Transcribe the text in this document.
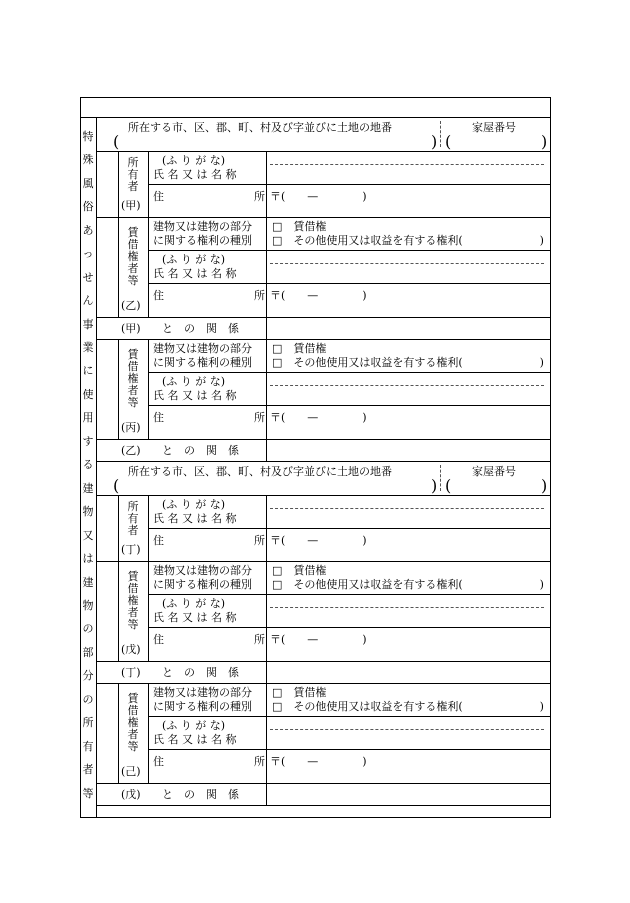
特
殊
風
俗
あ
っ
せ
ん
事
業
に
使
用
す
る
建
物
又
は
建
物
の
部
分
の
所
有
者
等
所在する市、区、郡、町、村及び字並びに土地の地番	家屋番号
(	) (	)
所有者
(甲)
(ふ り が な)
氏 名 又 は 名 称
住	所 〒(　　—　　　　)
賃借権者等
(乙)
建物又は建物の部分
に関する権利の種別
□　賃借権
□　その他使用又は収益を有する権利(　　　　　　　)
(ふ り が な)
氏 名 又 は 名 称
住	所 〒(　　—　　　　)
(甲) と　の　関　係
賃借権者等
(丙)
建物又は建物の部分
に関する権利の種別
□　賃借権
□　その他使用又は収益を有する権利(　　　　　　　)
(ふ り が な)
氏 名 又 は 名 称
住	所 〒(　　—　　　　)
(乙) と　の　関　係
所在する市、区、郡、町、村及び字並びに土地の地番	家屋番号
(	) (	)
所有者
(丁)
(ふ り が な)
氏 名 又 は 名 称
住	所 〒(　　—　　　　)
賃借権者等
(戊)
建物又は建物の部分
に関する権利の種別
□　賃借権
□　その他使用又は収益を有する権利(　　　　　　　)
(ふ り が な)
氏 名 又 は 名 称
住	所 〒(　　—　　　　)
(丁) と　の　関　係
賃借権者等
(己)
建物又は建物の部分
に関する権利の種別
□　賃借権
□　その他使用又は収益を有する権利(　　　　　　　)
(ふ り が な)
氏 名 又 は 名 称
住	所 〒(　　—　　　　)
(戊) と　の　関　係
